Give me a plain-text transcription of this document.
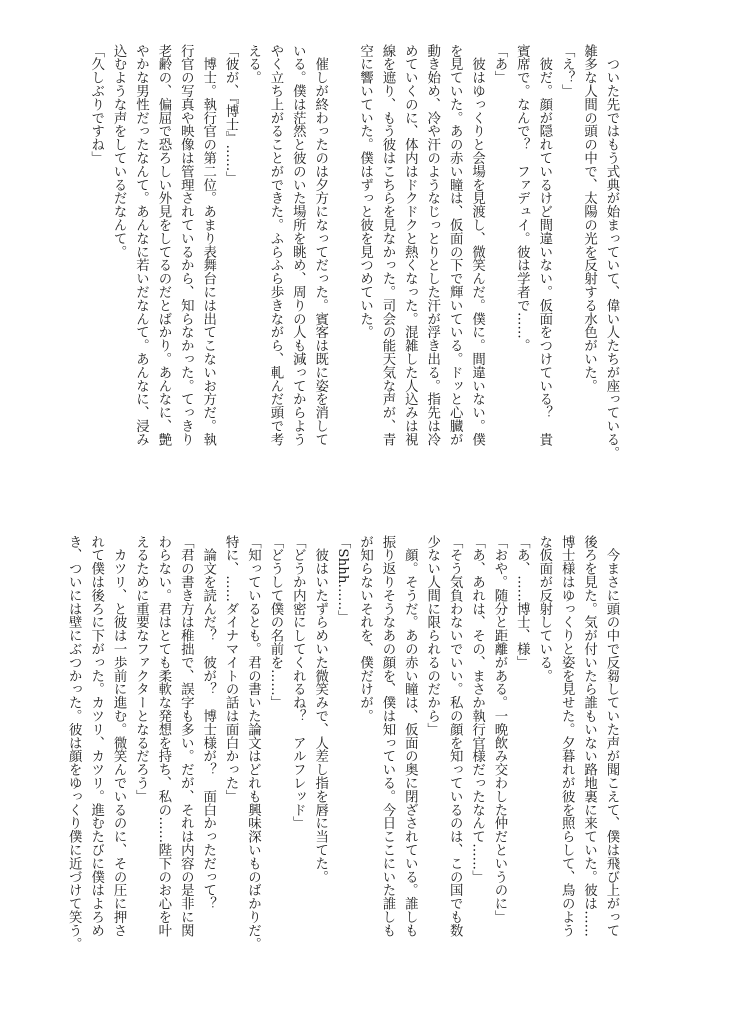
　ついた先ではもう式典が始まっていて、偉い人たちが座っている。

雑多な人間の頭の中で、太陽の光を反射する水色がいた。

「え？」

　彼だ。顔が隠れているけど間違いない。仮面をつけている？　貴

賓席で。なんで？　ファデュイ。彼は学者で……。

「あ」

　彼はゆっくりと会場を見渡し、微笑んだ。僕に。間違いない。僕

を見ていた。あの赤い瞳は、仮面の下で輝いている。ドッと心臓が

動き始め、冷や汗のようなじっとりとした汗が浮き出る。指先は冷

めていくのに、体内はドクドクと熱くなった。混雑した人込みは視

線を遮り、もう彼はこちらを見なかった。司会の能天気な声が、青

空に響いていた。僕はずっと彼を見つめていた。

　催しが終わったのは夕方になってだった。賓客は既に姿を消して

いる。僕は茫然と彼のいた場所を眺め、周りの人も減ってからよう

やく立ち上がることができた。ふらふら歩きながら、軋んだ頭で考

える。

「彼が、『博士』……」

　博士。執行官の第二位。あまり表舞台には出てこないお方だ。執

行官の写真や映像は管理されているから、知らなかった。てっきり

老齢の、偏屈で恐ろしい外見をしてるのだとばかり。あんなに、艶

やかな男性だったなんて。あんなに若いだなんて。あんなに、浸み

込むような声をしているだなんて。

「久しぶりですね」

　今まさに頭の中で反芻していた声が聞こえて、僕は飛び上がって

後ろを見た。気が付いたら誰もいない路地裏に来ていた。彼は……

博士様はゆっくりと姿を見せた。夕暮れが彼を照らして、鳥のよう

な仮面が反射している。

「あ、……博士、様」

「おや。随分と距離がある。一晩飲み交わした仲だというのに」

「あ、あれは、その、まさか執行官様だったなんて……」

「そう気負わないでいい。私の顔を知っているのは、この国でも数

少ない人間に限られるのだから」

　顔。そうだ。あの赤い瞳は、仮面の奥に閉ざされている。誰しも

振り返りそうなあの顔を、僕は知っている。今日ここにいた誰しも

が知らないそれを、僕だけが。

「Shhh……」

　彼はいたずらめいた微笑みで、人差し指を唇に当てた。

「どうか内密にしてくれるね？　アルフレッド」

「どうして僕の名前を……」

「知っているとも。君の書いた論文はどれも興味深いものばかりだ。

特に、……ダイナマイトの話は面白かった」

　論文を読んだ？　彼が？　博士様が？　面白かっただって？

「君の書き方は稚拙で、誤字も多い。だが、それは内容の是非に関

わらない。君はとても柔軟な発想を持ち、私の……陛下のお心を叶

えるために重要なファクターとなるだろう」

　カツリ、と彼は一歩前に進む。微笑んでいるのに、その圧に押さ

れて僕は後ろに下がった。カツリ、カツリ。進むたびに僕はよろめ

き、ついには壁にぶつかった。彼は顔をゆっくり僕に近づけて笑う。
